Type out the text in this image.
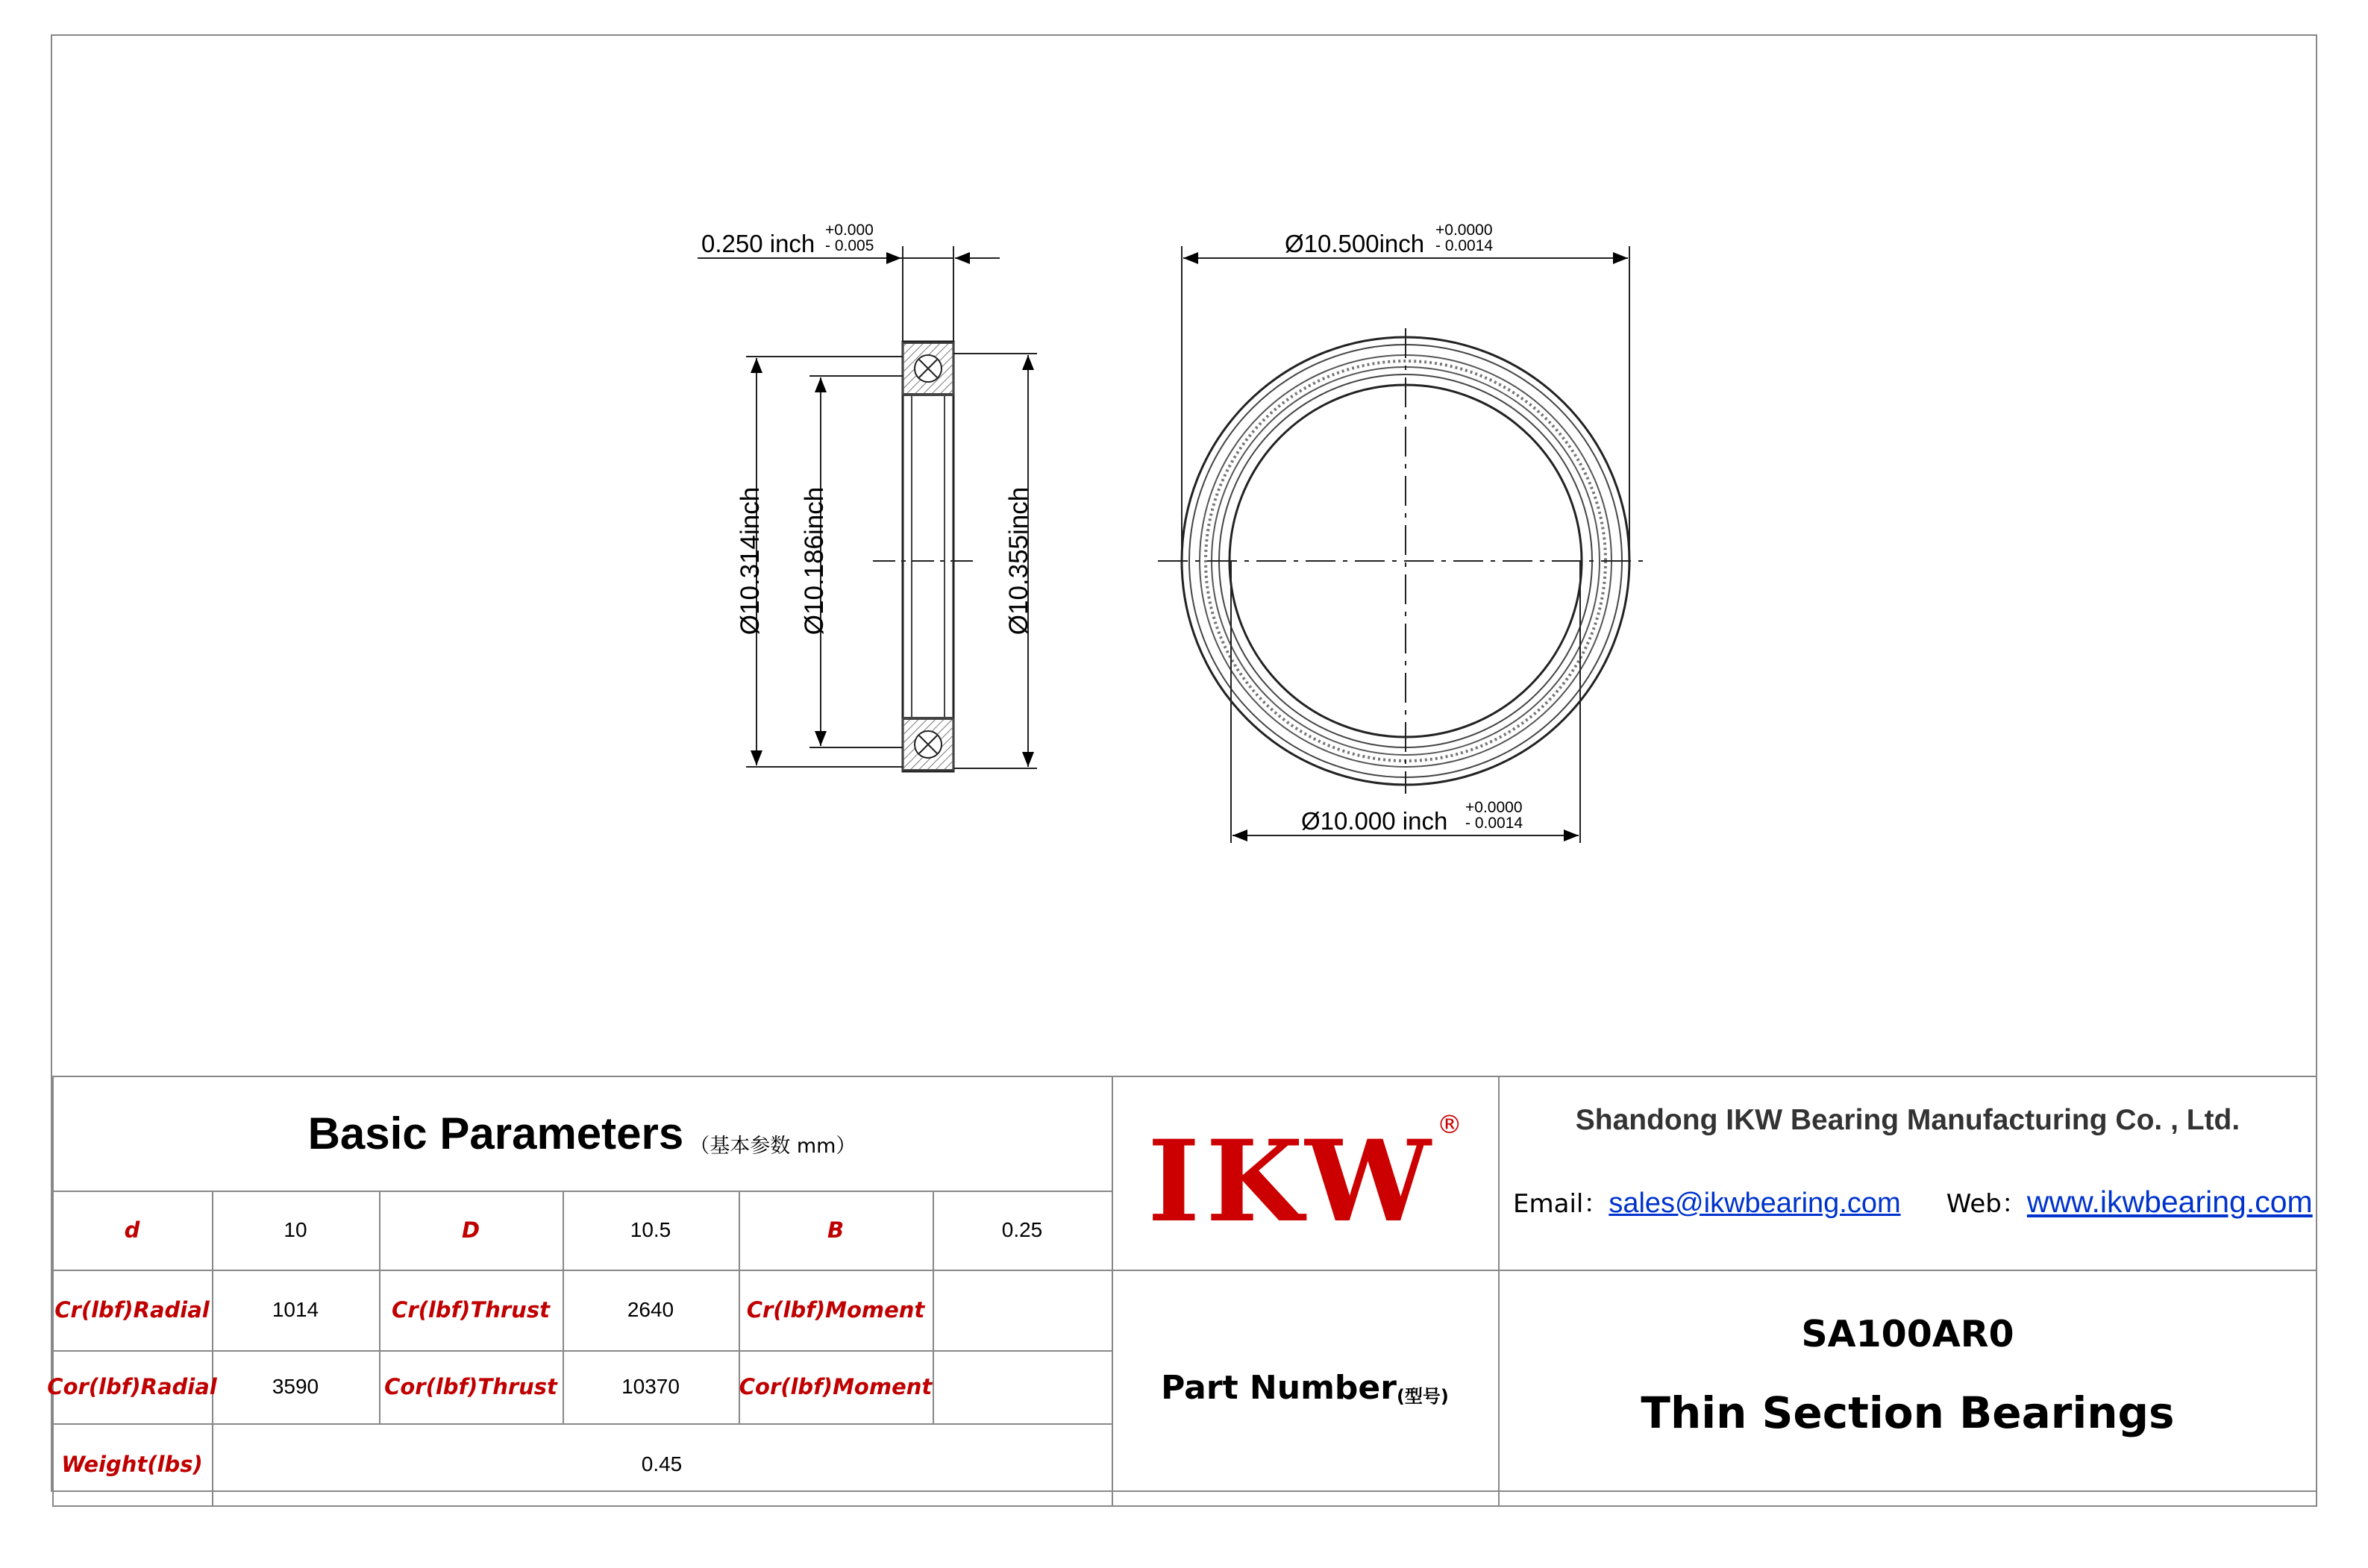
0.250 inch +0.000
- 0.005
Ø10.314inch Ø10.186inch	Ø10.355inch
Ø10.500inch +0.0000
- 0.0014
Ø10.000 inch +0.0000
- 0.0014
Basic Parameters （基本参数 mm）
d	10	D	10.5	B	0.25
Cr(lbf)Radial	1014	Cr(lbf)Thrust	2640	Cr(lbf)Moment
Cor(lbf)Radial	3590	Cor(lbf)Thrust	10370	Cor(lbf)Moment
Weight(lbs)	0.45
IKW ®	Shandong IKW Bearing Manufacturing Co. , Ltd.
Email：sales@ikwbearing.com Web：www.ikwbearing.com
Part Number (型号)
SA100AR0
Thin Section Bearings
